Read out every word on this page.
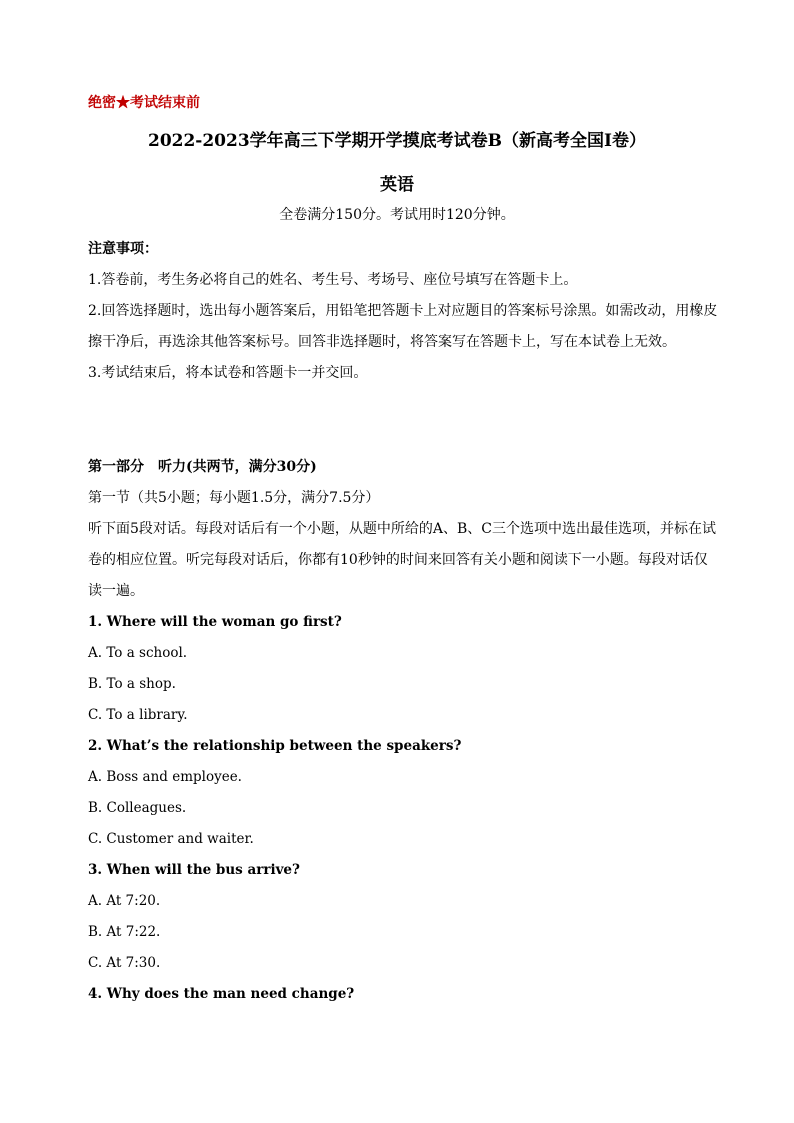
绝密★考试结束前
2022-2023学年高三下学期开学摸底考试卷B（新高考全国I卷）
英语
全卷满分150分。考试用时120分钟。
注意事项：
1.答卷前，考生务必将自己的姓名、考生号、考场号、座位号填写在答题卡上。
2.回答选择题时，选出每小题答案后，用铅笔把答题卡上对应题目的答案标号涂黑。如需改动，用橡皮擦干净后，再选涂其他答案标号。回答非选择题时，将答案写在答题卡上，写在本试卷上无效。
3.考试结束后，将本试卷和答题卡一并交回。
第一部分　听力(共两节，满分30分)
第一节（共5小题；每小题1.5分，满分7.5分）
听下面5段对话。每段对话后有一个小题，从题中所给的A、B、C三个选项中选出最佳选项，并标在试卷的相应位置。听完每段对话后，你都有10秒钟的时间来回答有关小题和阅读下一小题。每段对话仅读一遍。
1. Where will the woman go first?
A. To a school.
B. To a shop.
C. To a library.
2. What’s the relationship between the speakers?
A. Boss and employee.
B. Colleagues.
C. Customer and waiter.
3. When will the bus arrive?
A. At 7:20.
B. At 7:22.
C. At 7:30.
4. Why does the man need change?
